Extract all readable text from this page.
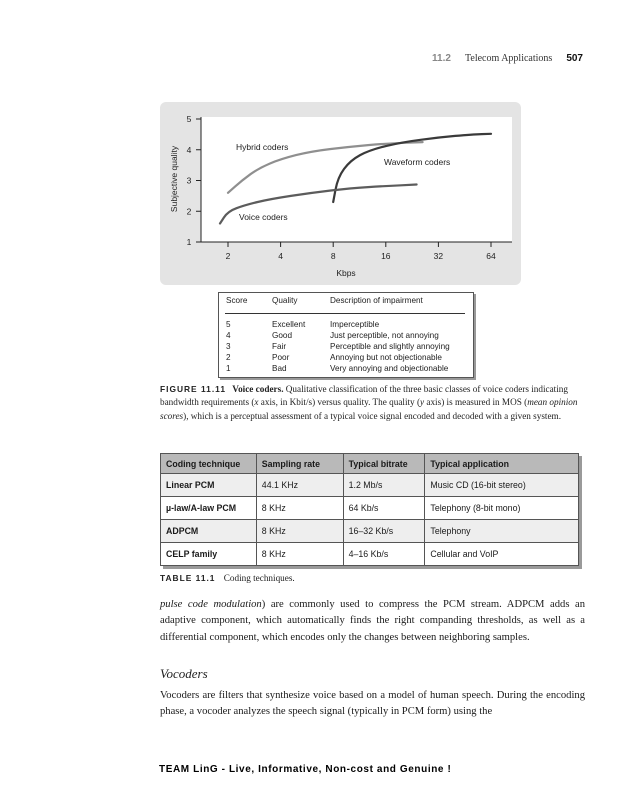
11.2 Telecom Applications 507
1
2
3
4
5
2	4	8	16	32	64
Hybrid coders
Waveform coders
Voice coders
Kbps
Subjective quality
Score	Quality	Description of impairment
5	Excellent	Imperceptible
4	Good	Just perceptible, not annoying
3	Fair	Perceptible and slightly annoying
2	Poor	Annoying but not objectionable
1	Bad	Very annoying and objectionable
FIGURE 11.11 Voice coders. Qualitative classification of the three basic classes of voice coders indicating bandwidth requirements (x axis, in Kbit/s) versus quality. The quality (y axis) is measured in MOS (mean opinion scores), which is a perceptual assessment of a typical voice signal encoded and decoded with a given system.
Coding technique	Sampling rate	Typical bitrate	Typical application
Linear PCM	44.1 KHz	1.2 Mb/s	Music CD (16-bit stereo)
µ-law/A-law PCM	8 KHz	64 Kb/s	Telephony (8-bit mono)
ADPCM	8 KHz	16–32 Kb/s	Telephony
CELP family	8 KHz	4–16 Kb/s	Cellular and VoIP
TABLE 11.1 Coding techniques.
pulse code modulation) are commonly used to compress the PCM stream. ADPCM adds an adaptive component, which automatically finds the right companding thresholds, as well as a differential component, which encodes only the changes between neighboring samples.
Vocoders
Vocoders are filters that synthesize voice based on a model of human speech. During the encoding phase, a vocoder analyzes the speech signal (typically in PCM form) using the
TEAM LinG - Live, Informative, Non-cost and Genuine !
